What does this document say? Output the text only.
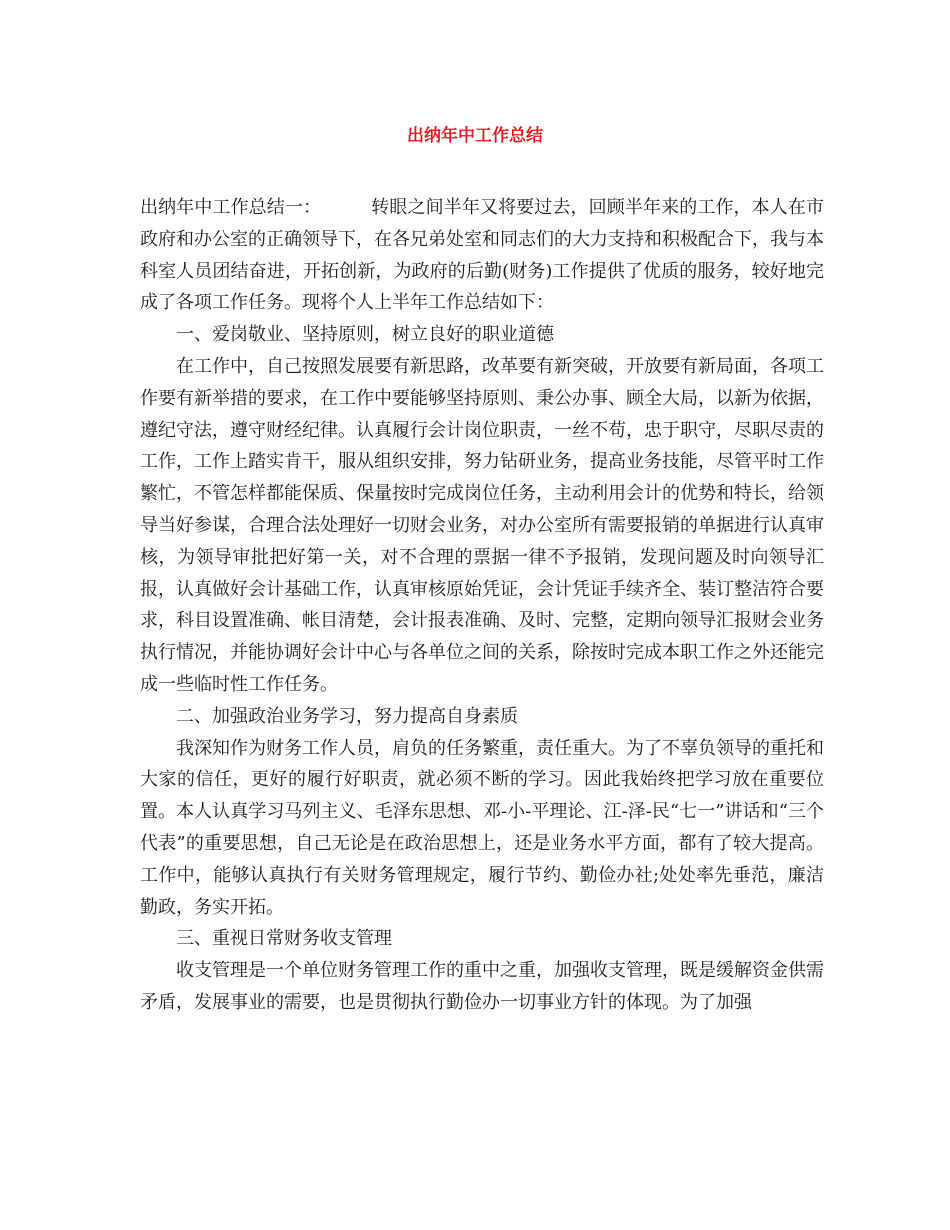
出纳年中工作总结

出纳年中工作总结一：	转眼之间半年又将要过去，回顾半年来的工作，本人在市政府和办公室的正确领导下，在各兄弟处室和同志们的大力支持和积极配合下，我与本科室人员团结奋进，开拓创新，为政府的后勤(财务)工作提供了优质的服务，较好地完成了各项工作任务。现将个人上半年工作总结如下：

一、爱岗敬业、坚持原则，树立良好的职业道德

在工作中，自己按照发展要有新思路，改革要有新突破，开放要有新局面，各项工作要有新举措的要求，在工作中要能够坚持原则、秉公办事、顾全大局，以新为依据，遵纪守法，遵守财经纪律。认真履行会计岗位职责，一丝不苟，忠于职守，尽职尽责的工作，工作上踏实肯干，服从组织安排，努力钻研业务，提高业务技能，尽管平时工作繁忙，不管怎样都能保质、保量按时完成岗位任务，主动利用会计的优势和特长，给领导当好参谋，合理合法处理好一切财会业务，对办公室所有需要报销的单据进行认真审核，为领导审批把好第一关，对不合理的票据一律不予报销，发现问题及时向领导汇报，认真做好会计基础工作，认真审核原始凭证，会计凭证手续齐全、装订整洁符合要求，科目设置准确、帐目清楚，会计报表准确、及时、完整，定期向领导汇报财会业务执行情况，并能协调好会计中心与各单位之间的关系，除按时完成本职工作之外还能完成一些临时性工作任务。

二、加强政治业务学习，努力提高自身素质

我深知作为财务工作人员，肩负的任务繁重，责任重大。为了不辜负领导的重托和大家的信任，更好的履行好职责，就必须不断的学习。因此我始终把学习放在重要位置。本人认真学习马列主义、毛泽东思想、邓-小-平理论、江-泽-民“七一”讲话和“三个代表”的重要思想，自己无论是在政治思想上，还是业务水平方面，都有了较大提高。工作中，能够认真执行有关财务管理规定，履行节约、勤俭办社;处处率先垂范，廉洁勤政，务实开拓。

三、重视日常财务收支管理

收支管理是一个单位财务管理工作的重中之重，加强收支管理，既是缓解资金供需矛盾，发展事业的需要，也是贯彻执行勤俭办一切事业方针的体现。为了加强
